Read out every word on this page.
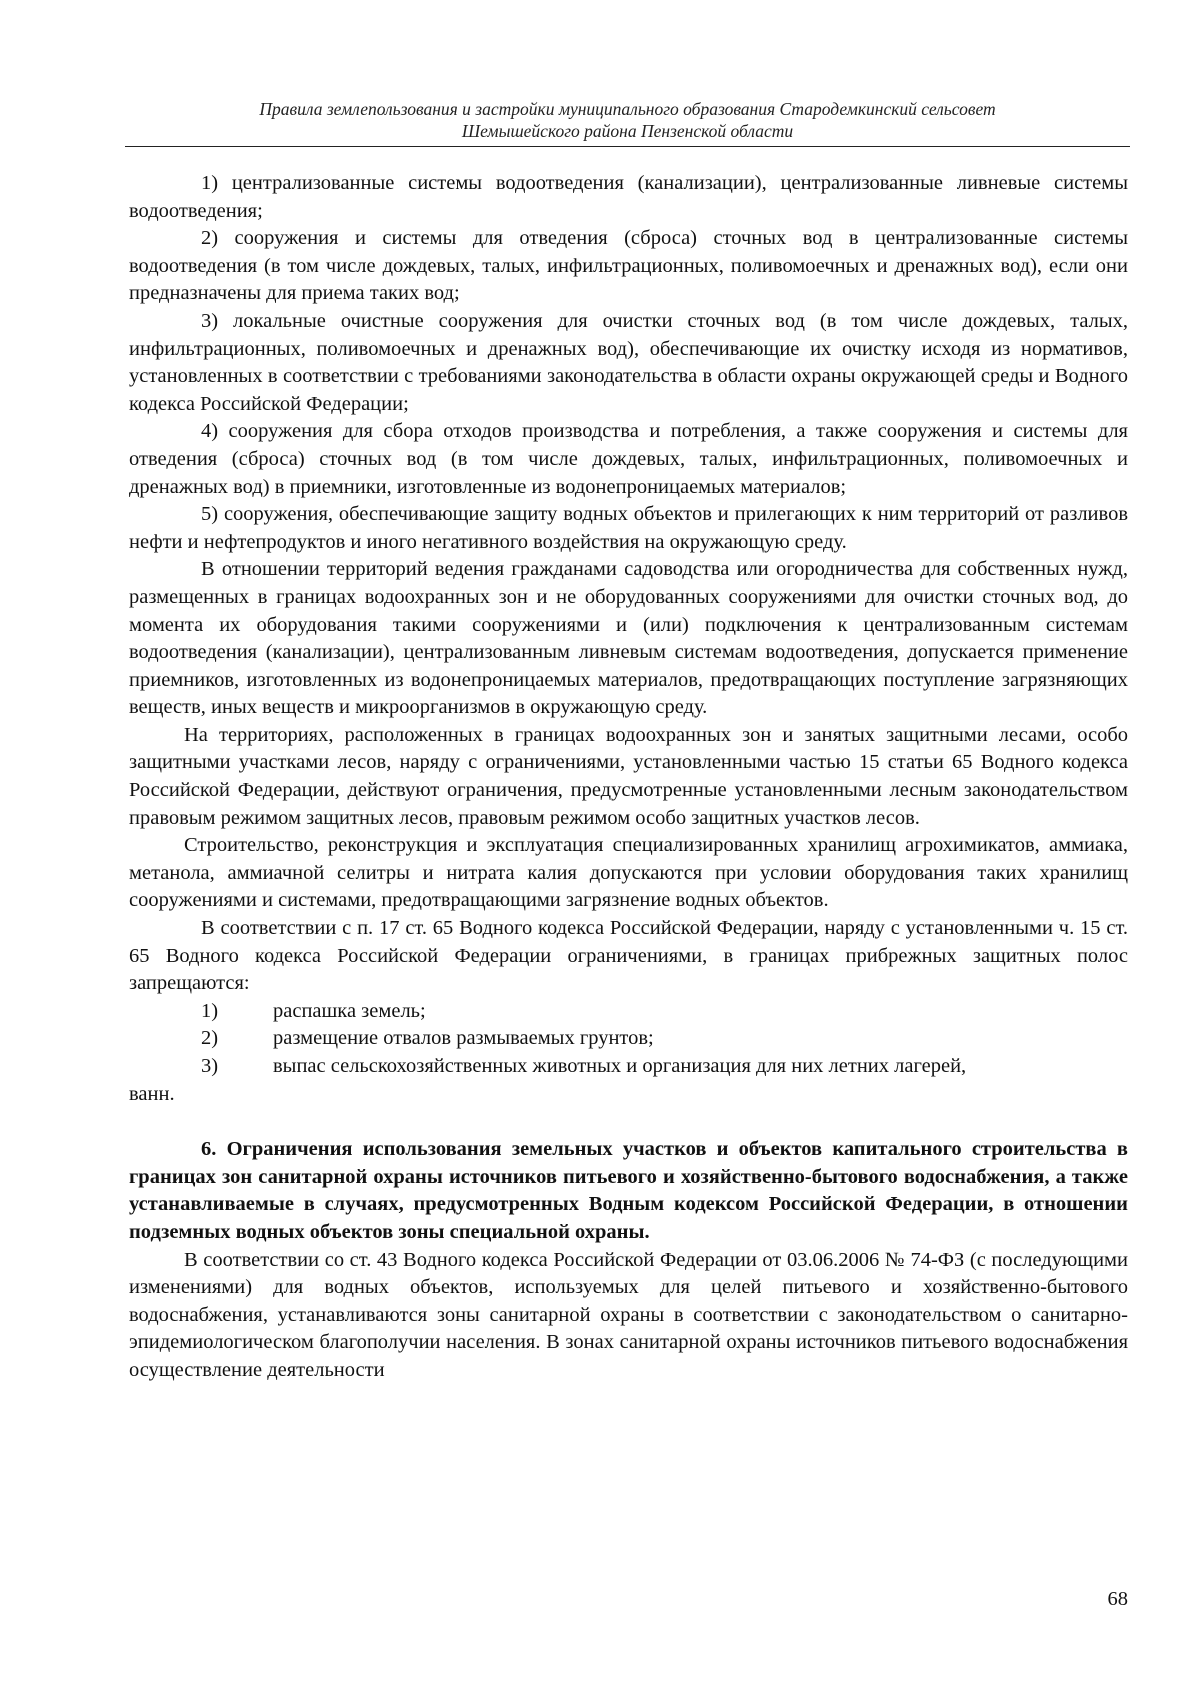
Правила землепользования и застройки муниципального образования Стародемкинский сельсовет
Шемышейского района Пензенской области

1) централизованные системы водоотведения (канализации), централизованные ливневые системы водоотведения;

2) сооружения и системы для отведения (сброса) сточных вод в централизованные системы водоотведения (в том числе дождевых, талых, инфильтрационных, поливомоечных и дренажных вод), если они предназначены для приема таких вод;

3) локальные очистные сооружения для очистки сточных вод (в том числе дождевых, талых, инфильтрационных, поливомоечных и дренажных вод), обеспечивающие их очистку исходя из нормативов, установленных в соответствии с требованиями законодательства в области охраны окружающей среды и Водного кодекса Российской Федерации;

4) сооружения для сбора отходов производства и потребления, а также сооружения и системы для отведения (сброса) сточных вод (в том числе дождевых, талых, инфильтрационных, поливомоечных и дренажных вод) в приемники, изготовленные из водонепроницаемых материалов;

5) сооружения, обеспечивающие защиту водных объектов и прилегающих к ним территорий от разливов нефти и нефтепродуктов и иного негативного воздействия на окружающую среду.

В отношении территорий ведения гражданами садоводства или огородничества для собственных нужд, размещенных в границах водоохранных зон и не оборудованных сооружениями для очистки сточных вод, до момента их оборудования такими сооружениями и (или) подключения к централизованным системам водоотведения (канализации), централизованным ливневым системам водоотведения, допускается применение приемников, изготовленных из водонепроницаемых материалов, предотвращающих поступление загрязняющих веществ, иных веществ и микроорганизмов в окружающую среду.

На территориях, расположенных в границах водоохранных зон и занятых защитными лесами, особо защитными участками лесов, наряду с ограничениями, установленными частью 15 статьи 65 Водного кодекса Российской Федерации, действуют ограничения, предусмотренные установленными лесным законодательством правовым режимом защитных лесов, правовым режимом особо защитных участков лесов.

Строительство, реконструкция и эксплуатация специализированных хранилищ агрохимикатов, аммиака, метанола, аммиачной селитры и нитрата калия допускаются при условии оборудования таких хранилищ сооружениями и системами, предотвращающими загрязнение водных объектов.

В соответствии с п. 17 ст. 65 Водного кодекса Российской Федерации, наряду с установленными ч. 15 ст. 65 Водного кодекса Российской Федерации ограничениями, в границах прибрежных защитных полос запрещаются:

1)	распашка земель;
2)	размещение отвалов размываемых грунтов;
3)	выпас сельскохозяйственных животных и организация для них летних лагерей,

ванн.

6. Ограничения использования земельных участков и объектов капитального строительства в границах зон санитарной охраны источников питьевого и хозяйственно-бытового водоснабжения, а также устанавливаемые в случаях, предусмотренных Водным кодексом Российской Федерации, в отношении подземных водных объектов зоны специальной охраны.

В соответствии со ст. 43 Водного кодекса Российской Федерации от 03.06.2006 № 74-ФЗ (с последующими изменениями) для водных объектов, используемых для целей питьевого и хозяйственно-бытового водоснабжения, устанавливаются зоны санитарной охраны в соответствии с законодательством о санитарно-эпидемиологическом благополучии населения. В зонах санитарной охраны источников питьевого водоснабжения осуществление деятельности

68
